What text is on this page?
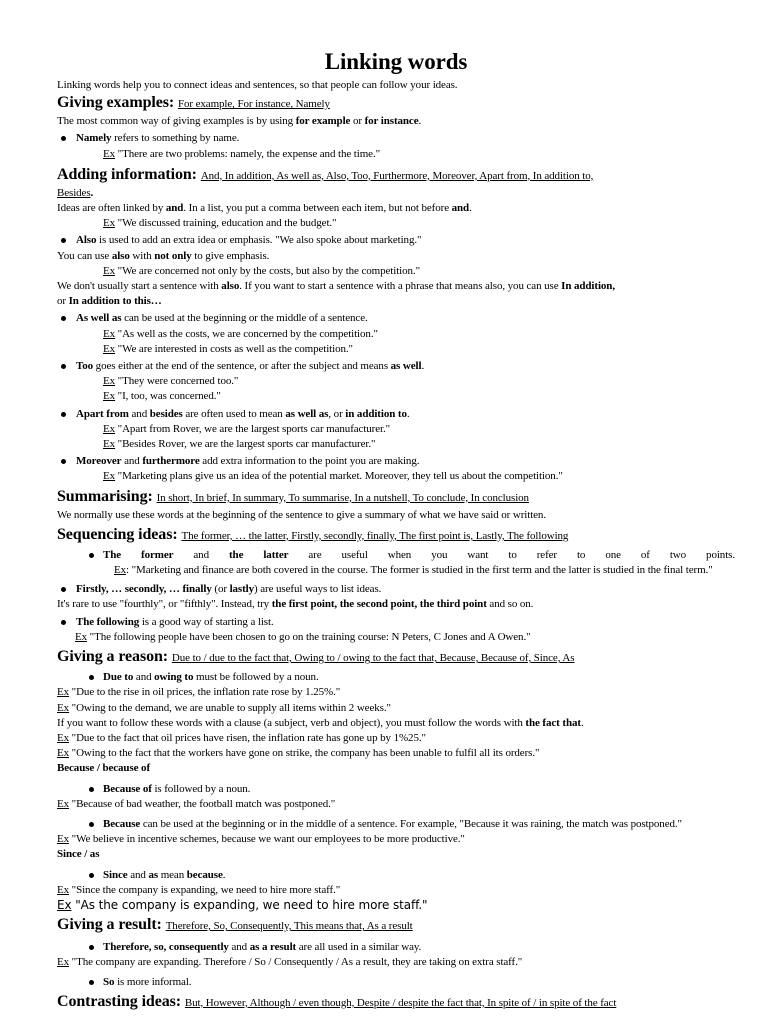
Linking words
Linking words help you to connect ideas and sentences, so that people can follow your ideas.
Giving examples: For example, For instance, Namely
The most common way of giving examples is by using for example or for instance.
Namely refers to something by name.
Ex "There are two problems: namely, the expense and the time."
Adding information: And, In addition, As well as, Also, Too, Furthermore, Moreover, Apart from, In addition to,
Besides.
Ideas are often linked by and. In a list, you put a comma between each item, but not before and.
Ex "We discussed training, education and the budget."
Also is used to add an extra idea or emphasis. "We also spoke about marketing."
You can use also with not only to give emphasis.
Ex "We are concerned not only by the costs, but also by the competition."
We don't usually start a sentence with also. If you want to start a sentence with a phrase that means also, you can use In addition,
or In addition to this…
As well as can be used at the beginning or the middle of a sentence.
Ex "As well as the costs, we are concerned by the competition."
Ex "We are interested in costs as well as the competition."
Too goes either at the end of the sentence, or after the subject and means as well.
Ex "They were concerned too."
Ex "I, too, was concerned."
Apart from and besides are often used to mean as well as, or in addition to.
Ex "Apart from Rover, we are the largest sports car manufacturer."
Ex "Besides Rover, we are the largest sports car manufacturer."
Moreover and furthermore add extra information to the point you are making.
Ex "Marketing plans give us an idea of the potential market. Moreover, they tell us about the competition."
Summarising: In short, In brief, In summary, To summarise, In a nutshell, To conclude, In conclusion
We normally use these words at the beginning of the sentence to give a summary of what we have said or written.
Sequencing ideas: The former, … the latter, Firstly, secondly, finally, The first point is, Lastly, The following
The former and the latter are useful when you want to refer to one of two points.
Ex: "Marketing and finance are both covered in the course. The former is studied in the first term and the latter is studied in the final term."
Firstly, … secondly, … finally (or lastly) are useful ways to list ideas.
It's rare to use "fourthly", or "fifthly". Instead, try the first point, the second point, the third point and so on.
The following is a good way of starting a list.
Ex "The following people have been chosen to go on the training course: N Peters, C Jones and A Owen."
Giving a reason: Due to / due to the fact that, Owing to / owing to the fact that, Because, Because of, Since, As
Due to and owing to must be followed by a noun.
Ex "Due to the rise in oil prices, the inflation rate rose by 1.25%."
Ex "Owing to the demand, we are unable to supply all items within 2 weeks."
If you want to follow these words with a clause (a subject, verb and object), you must follow the words with the fact that.
Ex "Due to the fact that oil prices have risen, the inflation rate has gone up by 1%25."
Ex "Owing to the fact that the workers have gone on strike, the company has been unable to fulfil all its orders."
Because / because of
Because of is followed by a noun.
Ex "Because of bad weather, the football match was postponed."
Because can be used at the beginning or in the middle of a sentence. For example, "Because it was raining, the match was postponed."
Ex "We believe in incentive schemes, because we want our employees to be more productive."
Since / as
Since and as mean because.
Ex "Since the company is expanding, we need to hire more staff."
Ex "As the company is expanding, we need to hire more staff."
Giving a result: Therefore, So, Consequently, This means that, As a result
Therefore, so, consequently and as a result are all used in a similar way.
Ex "The company are expanding. Therefore / So / Consequently / As a result, they are taking on extra staff."
So is more informal.
Contrasting ideas: But, However, Although / even though, Despite / despite the fact that, In spite of / in spite of the fact
